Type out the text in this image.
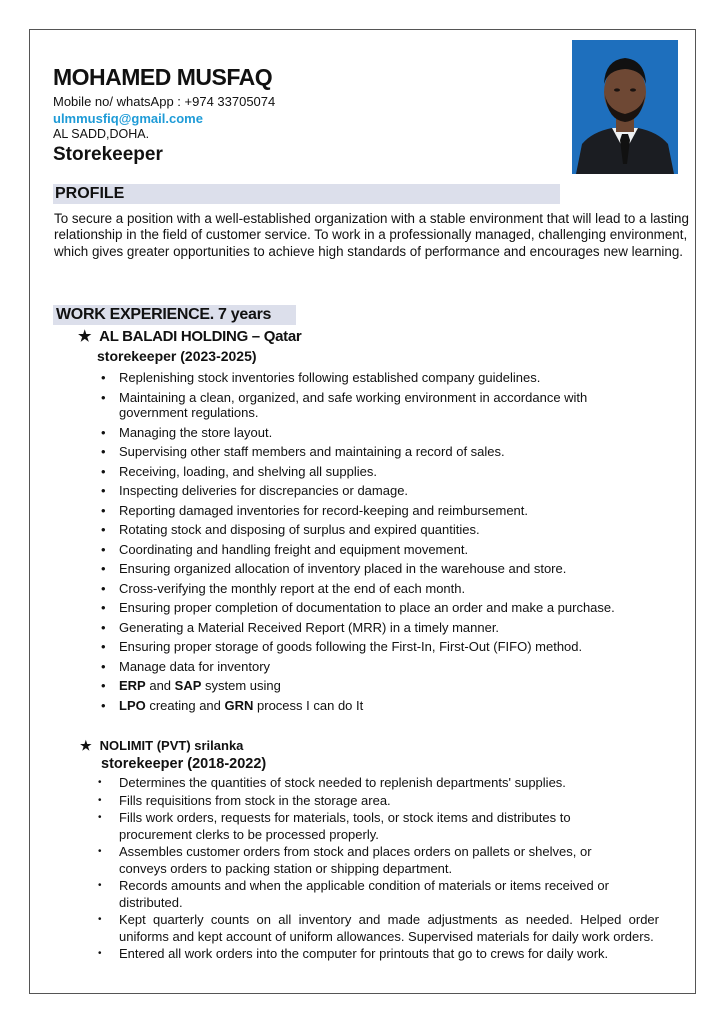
MOHAMED MUSFAQ
Mobile no/ whatsApp : +974 33705074
ulmmusfiq@gmail.come
AL SADD,DOHA.
Storekeeper
PROFILE
To secure a position with a well-established organization with a stable environment that will lead to a lasting relationship in the field of customer service. To work in a professionally managed, challenging environment, which gives greater opportunities to achieve high standards of performance and encourages new learning.
WORK EXPERIENCE. 7 years
★ AL BALADI HOLDING – Qatar
storekeeper (2023-2025)
• Replenishing stock inventories following established company guidelines.
• Maintaining a clean, organized, and safe working environment in accordance with government regulations.
• Managing the store layout.
• Supervising other staff members and maintaining a record of sales.
• Receiving, loading, and shelving all supplies.
• Inspecting deliveries for discrepancies or damage.
• Reporting damaged inventories for record-keeping and reimbursement.
• Rotating stock and disposing of surplus and expired quantities.
• Coordinating and handling freight and equipment movement.
• Ensuring organized allocation of inventory placed in the warehouse and store.
• Cross-verifying the monthly report at the end of each month.
• Ensuring proper completion of documentation to place an order and make a purchase.
• Generating a Material Received Report (MRR) in a timely manner.
• Ensuring proper storage of goods following the First-In, First-Out (FIFO) method.
• Manage data for inventory
• ERP and SAP system using
• LPO creating and GRN process I can do It
★ NOLIMIT (PVT) srilanka
storekeeper (2018-2022)
• Determines the quantities of stock needed to replenish departments' supplies.
• Fills requisitions from stock in the storage area.
• Fills work orders, requests for materials, tools, or stock items and distributes to procurement clerks to be processed properly.
• Assembles customer orders from stock and places orders on pallets or shelves, or conveys orders to packing station or shipping department.
• Records amounts and when the applicable condition of materials or items received or distributed.
• Kept quarterly counts on all inventory and made adjustments as needed. Helped order uniforms and kept account of uniform allowances. Supervised materials for daily work orders.
• Entered all work orders into the computer for printouts that go to crews for daily work.
